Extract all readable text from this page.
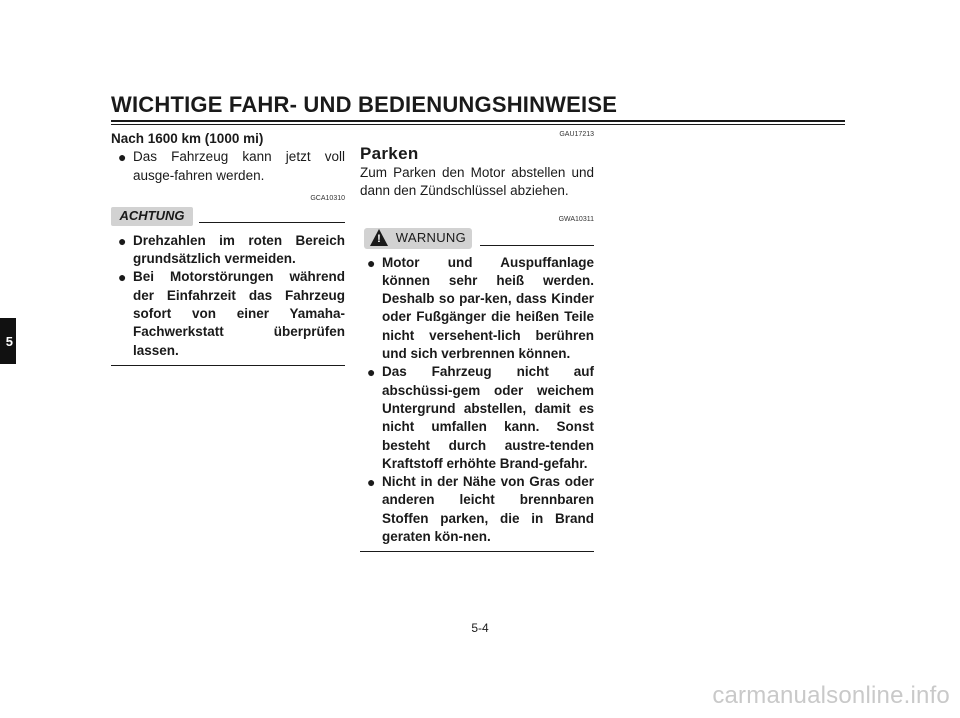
WICHTIGE FAHR- UND BEDIENUNGSHINWEISE
5
Nach 1600 km (1000 mi)
● Das Fahrzeug kann jetzt voll ausge-fahren werden.
GCA10310
ACHTUNG
● Drehzahlen im roten Bereich grundsätzlich vermeiden.
● Bei Motorstörungen während der Einfahrzeit das Fahrzeug sofort von einer Yamaha-Fachwerkstatt überprüfen lassen.
GAU17213
Parken
Zum Parken den Motor abstellen und dann den Zündschlüssel abziehen.
GWA10311
WARNUNG
!
● Motor und Auspuffanlage können sehr heiß werden. Deshalb so par-ken, dass Kinder oder Fußgänger die heißen Teile nicht versehent-lich berühren und sich verbrennen können.
● Das Fahrzeug nicht auf abschüssi-gem oder weichem Untergrund abstellen, damit es nicht umfallen kann. Sonst besteht durch austre-tenden Kraftstoff erhöhte Brand-gefahr.
● Nicht in der Nähe von Gras oder anderen leicht brennbaren Stoffen parken, die in Brand geraten kön-nen.
5-4
carmanualsonline.info
